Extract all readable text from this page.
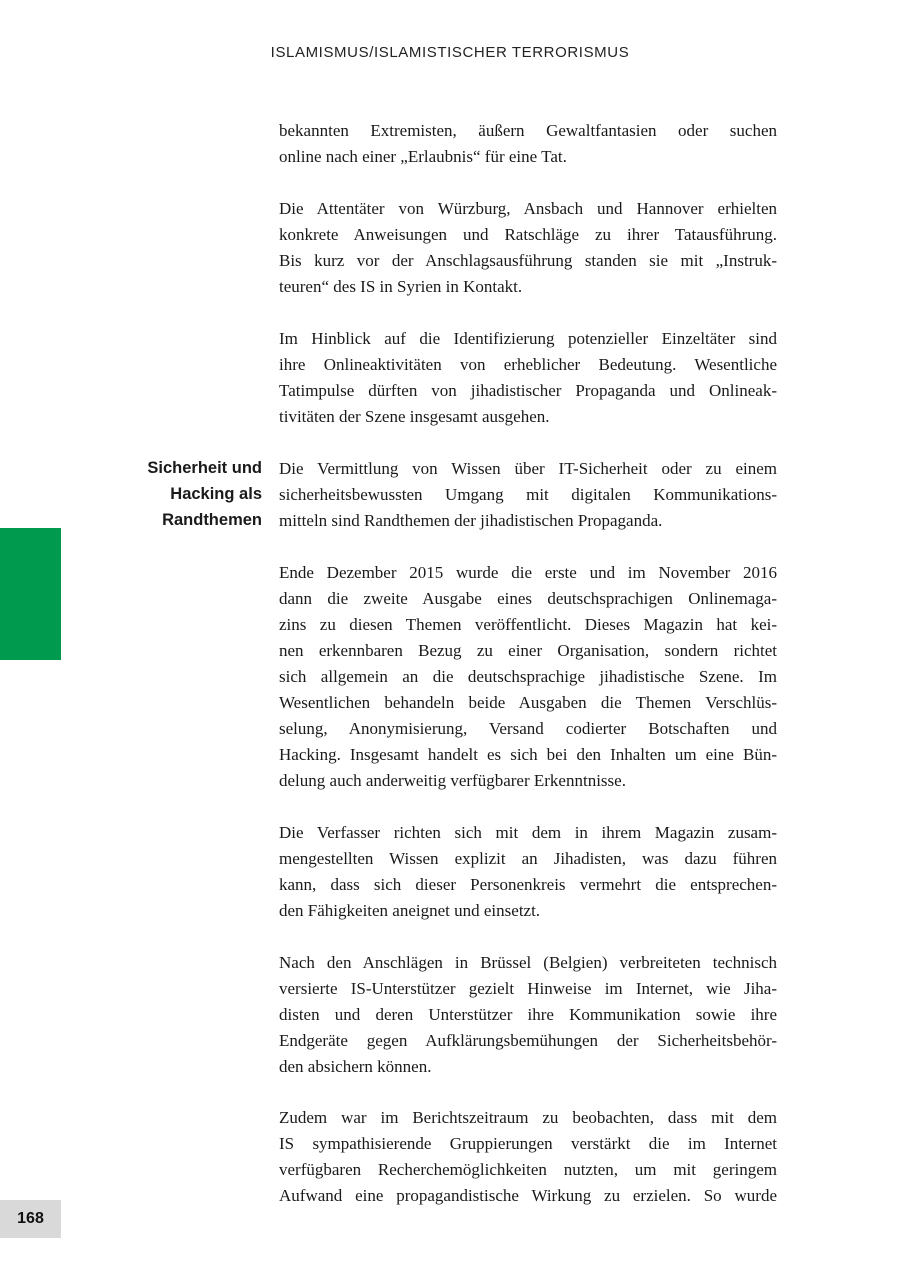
ISLAMISMUS/ISLAMISTISCHER TERRORISMUS
168
Sicherheit und
Hacking als
Randthemen
bekannten Extremisten, äußern Gewaltfantasien oder suchen
online nach einer „Erlaubnis“ für eine Tat.
Die Attentäter von Würzburg, Ansbach und Hannover erhielten
konkrete Anweisungen und Ratschläge zu ihrer Tatausführung.
Bis kurz vor der Anschlagsausführung standen sie mit „Instruk-
teuren“ des IS in Syrien in Kontakt.
Im Hinblick auf die Identifizierung potenzieller Einzeltäter sind
ihre Onlineaktivitäten von erheblicher Bedeutung. Wesentliche
Tatimpulse dürften von jihadistischer Propaganda und Onlineak-
tivitäten der Szene insgesamt ausgehen.
Die Vermittlung von Wissen über IT-Sicherheit oder zu einem
sicherheitsbewussten Umgang mit digitalen Kommunikations-
mitteln sind Randthemen der jihadistischen Propaganda.
Ende Dezember 2015 wurde die erste und im November 2016
dann die zweite Ausgabe eines deutschsprachigen Onlinemaga-
zins zu diesen Themen veröffentlicht. Dieses Magazin hat kei-
nen erkennbaren Bezug zu einer Organisation, sondern richtet
sich allgemein an die deutschsprachige jihadistische Szene. Im
Wesentlichen behandeln beide Ausgaben die Themen Verschlüs-
selung, Anonymisierung, Versand codierter Botschaften und
Hacking. Insgesamt handelt es sich bei den Inhalten um eine Bün-
delung auch anderweitig verfügbarer Erkenntnisse.
Die Verfasser richten sich mit dem in ihrem Magazin zusam-
mengestellten Wissen explizit an Jihadisten, was dazu führen
kann, dass sich dieser Personenkreis vermehrt die entsprechen-
den Fähigkeiten aneignet und einsetzt.
Nach den Anschlägen in Brüssel (Belgien) verbreiteten technisch
versierte IS-Unterstützer gezielt Hinweise im Internet, wie Jiha-
disten und deren Unterstützer ihre Kommunikation sowie ihre
Endgeräte gegen Aufklärungsbemühungen der Sicherheitsbehör-
den absichern können.
Zudem war im Berichtszeitraum zu beobachten, dass mit dem
IS sympathisierende Gruppierungen verstärkt die im Internet
verfügbaren Recherchemöglichkeiten nutzten, um mit geringem
Aufwand eine propagandistische Wirkung zu erzielen. So wurde
